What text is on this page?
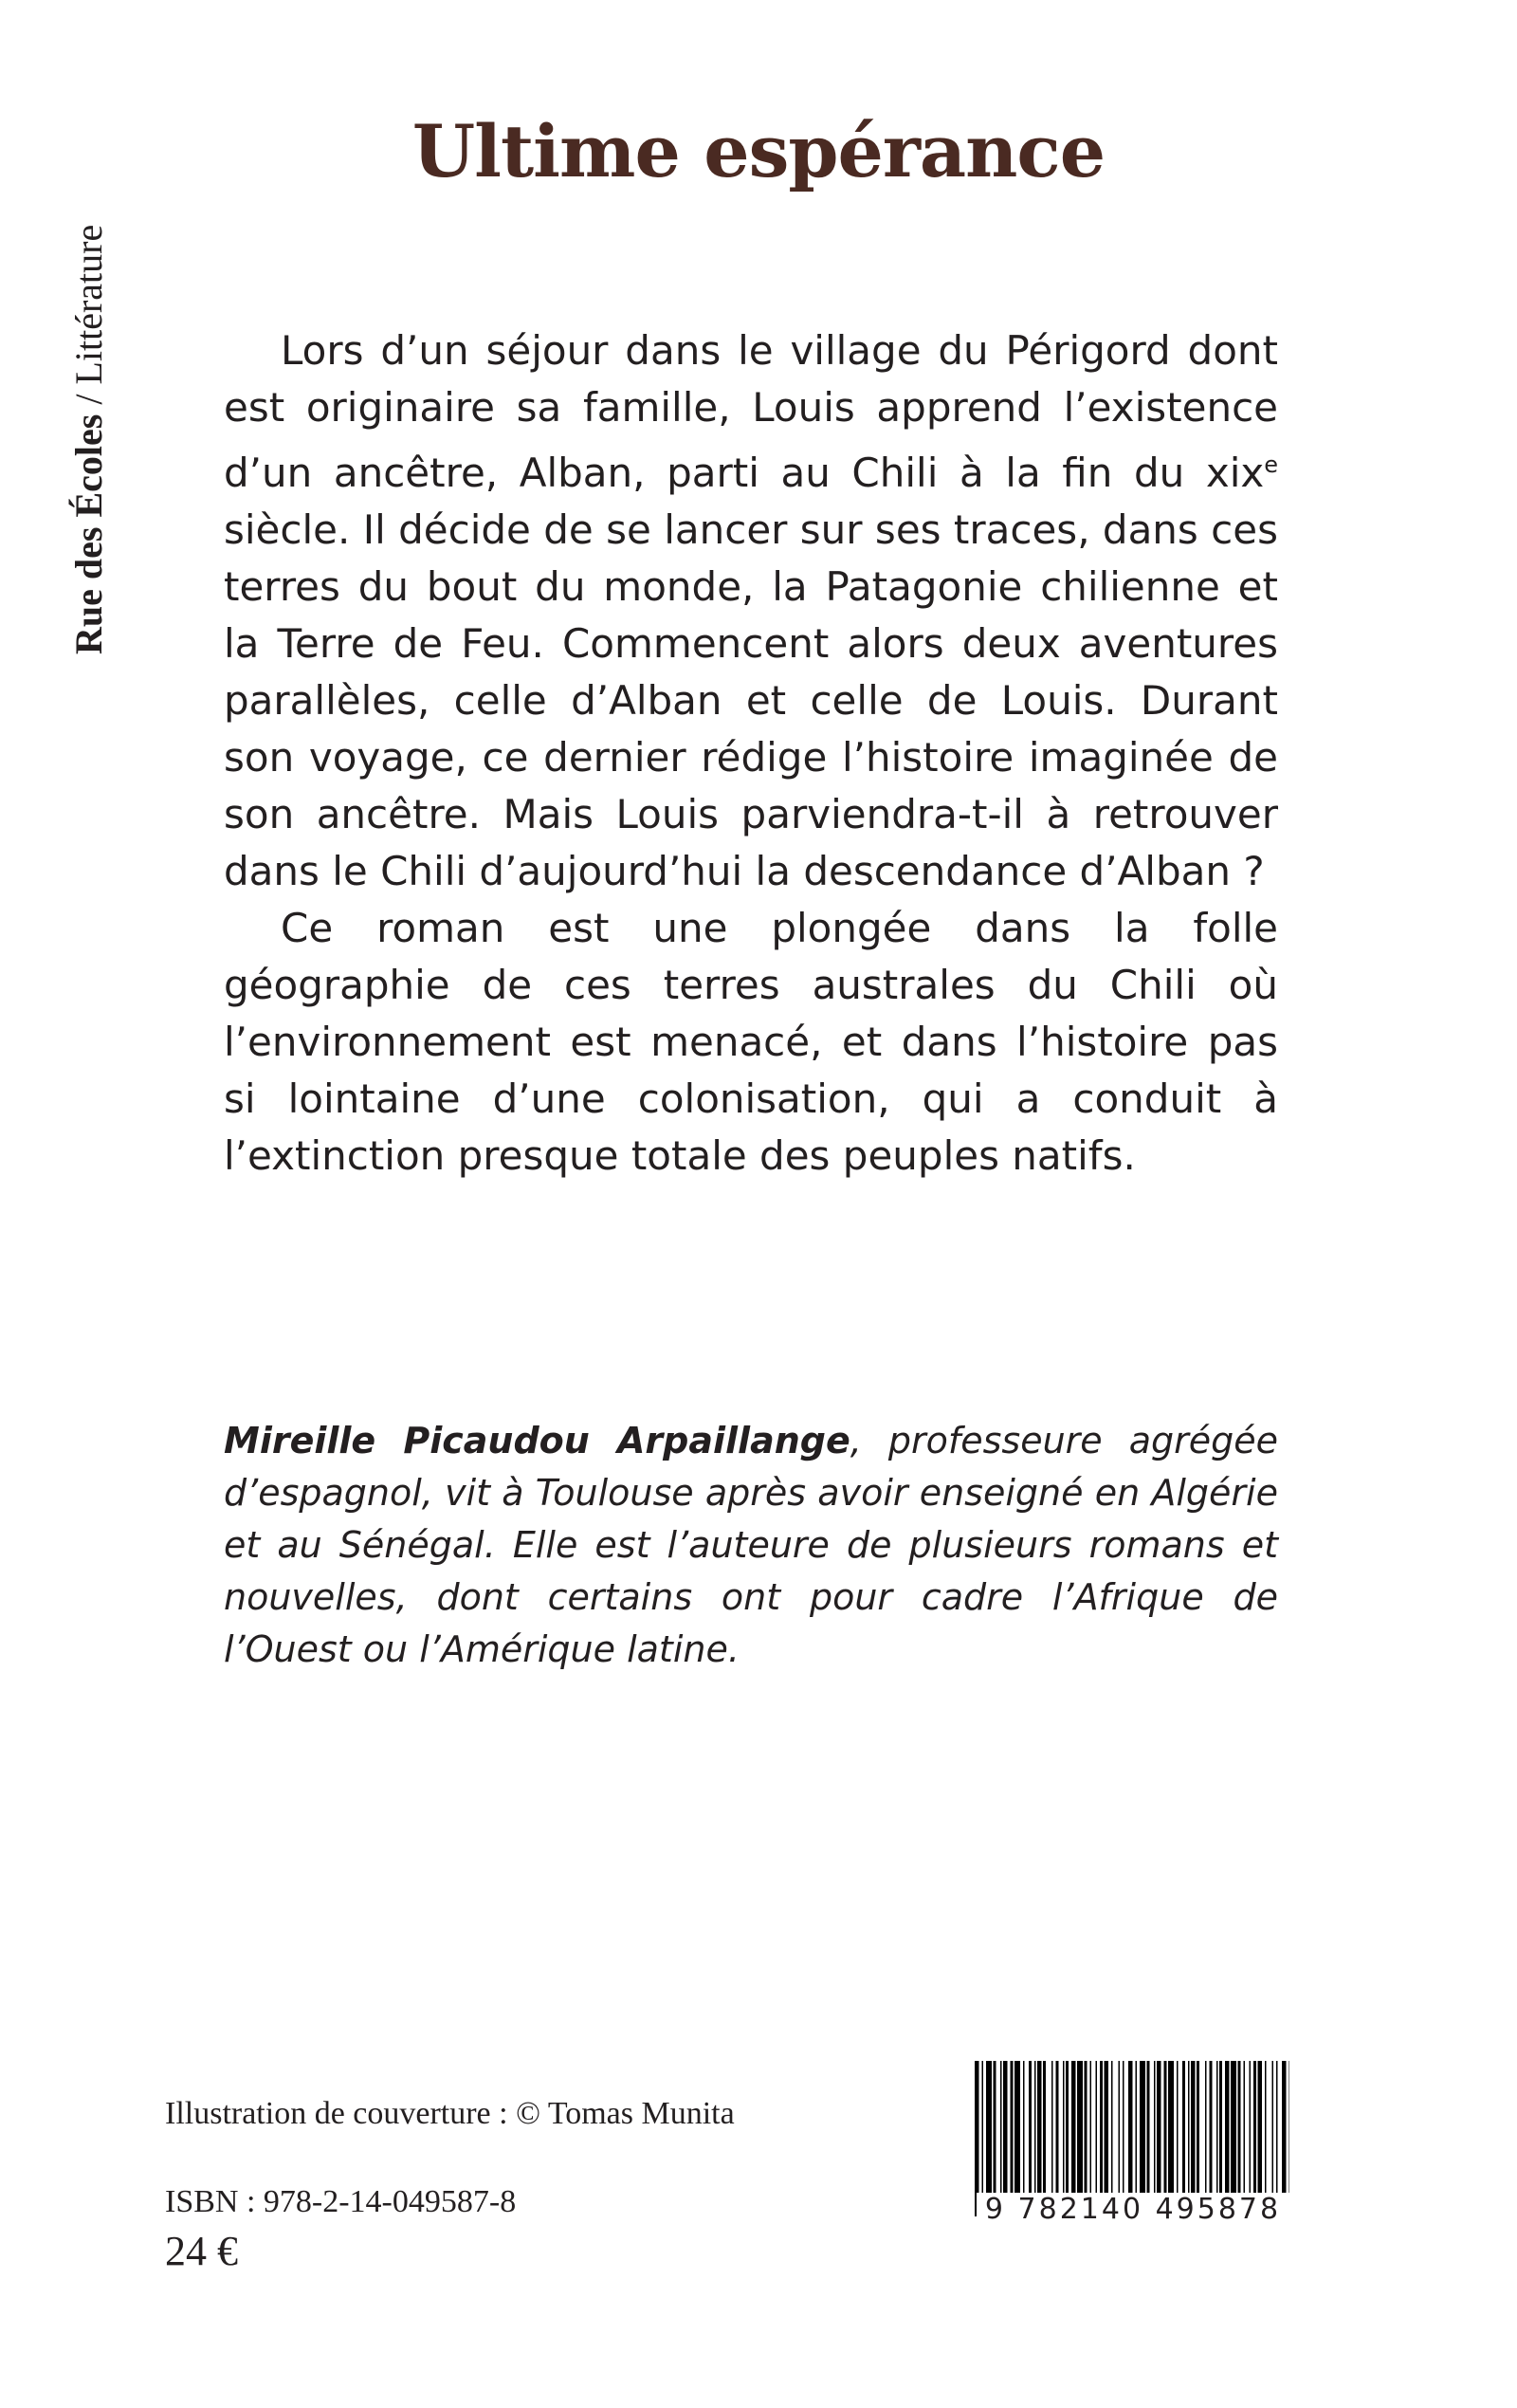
Rue des Écoles / Littérature
Ultime espérance

Lors d’un séjour dans le village du Périgord dont est originaire sa famille, Louis apprend l’existence d’un ancêtre, Alban, parti au Chili à la fin du xix$^e$ siècle. Il décide de se lancer sur ses traces, dans ces terres du bout du monde, la Patagonie chilienne et la Terre de Feu. Commencent alors deux aventures parallèles, celle d’Alban et celle de Louis. Durant son voyage, ce dernier rédige l’histoire imaginée de son ancêtre. Mais Louis parviendra-t-il à retrouver dans le Chili d’aujourd’hui la descendance d’Alban ?

Ce roman est une plongée dans la folle géographie de ces terres australes du Chili où l’environnement est menacé, et dans l’histoire pas si lointaine d’une colonisation, qui a conduit à l’extinction presque totale des peuples natifs.

Mireille Picaudou Arpaillange, professeure agrégée d’espagnol, vit à Toulouse après avoir enseigné en Algérie et au Sénégal. Elle est l’auteure de plusieurs romans et nouvelles, dont certains ont pour cadre l’Afrique de l’Ouest ou l’Amérique latine.
Illustration de couverture : © Tomas Munita
ISBN : 978-2-14-049587-8
24 €
9 782140 495878
